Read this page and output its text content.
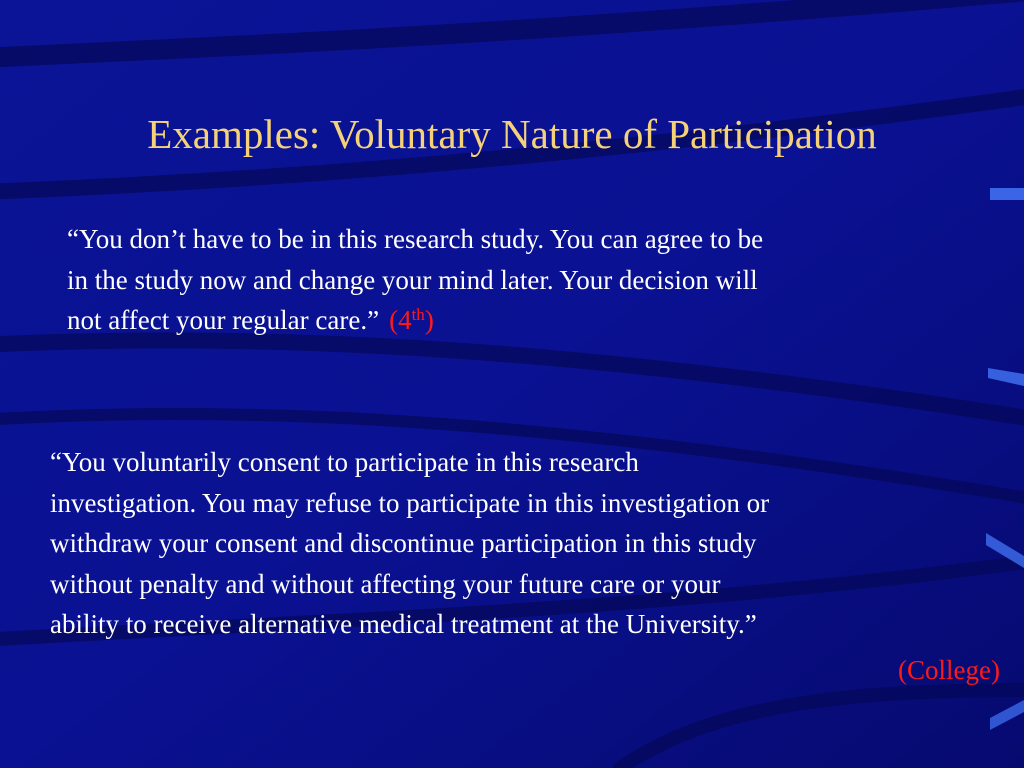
Examples: Voluntary Nature of Participation
“You don’t have to be in this research study. You can agree to be
in the study now and change your mind later. Your decision will
not affect your regular care.” (4th)
“You voluntarily consent to participate in this research
investigation. You may refuse to participate in this investigation or
withdraw your consent and discontinue participation in this study
without penalty and without affecting your future care or your
ability to receive alternative medical treatment at the University.”
(College)
